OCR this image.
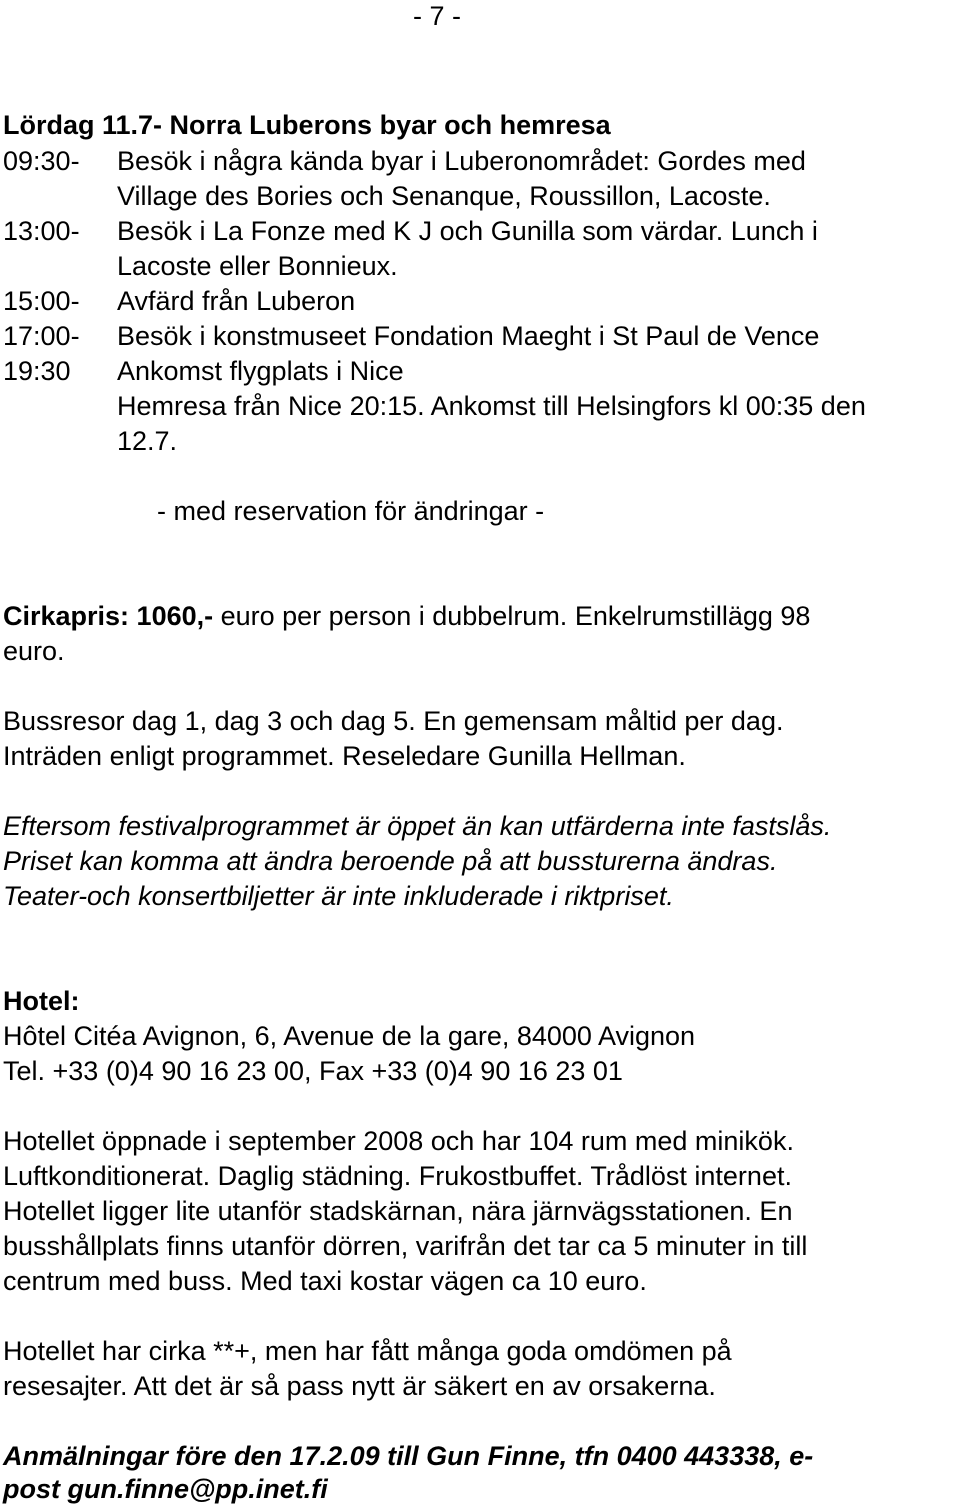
- 7 -
Lördag 11.7- Norra Luberons byar och hemresa
09:30- Besök i några kända byar i Luberonområdet: Gordes med
Village des Bories och Senanque, Roussillon, Lacoste.
13:00- Besök i La Fonze med K J och Gunilla som värdar. Lunch i
Lacoste eller Bonnieux.
15:00- Avfärd från Luberon
17:00- Besök i konstmuseet Fondation Maeght i St Paul de Vence
19:30 Ankomst flygplats i Nice
Hemresa från Nice 20:15. Ankomst till Helsingfors kl 00:35 den
12.7.
- med reservation för ändringar -
Cirkapris: 1060,- euro per person i dubbelrum. Enkelrumstillägg 98
euro.
Bussresor dag 1, dag 3 och dag 5. En gemensam måltid per dag.
Inträden enligt programmet. Reseledare Gunilla Hellman.
Eftersom festivalprogrammet är öppet än kan utfärderna inte fastslås.
Priset kan komma att ändra beroende på att bussturerna ändras.
Teater-och konsertbiljetter är inte inkluderade i riktpriset.
Hotel:
Hôtel Citéa Avignon, 6, Avenue de la gare, 84000 Avignon
Tel. +33 (0)4 90 16 23 00, Fax +33 (0)4 90 16 23 01
Hotellet öppnade i september 2008 och har 104 rum med minikök.
Luftkonditionerat. Daglig städning. Frukostbuffet. Trådlöst internet.
Hotellet ligger lite utanför stadskärnan, nära järnvägsstationen. En
busshållplats finns utanför dörren, varifrån det tar ca 5 minuter in till
centrum med buss. Med taxi kostar vägen ca 10 euro.
Hotellet har cirka **+, men har fått många goda omdömen på
resesajter. Att det är så pass nytt är säkert en av orsakerna.
Anmälningar före den 17.2.09 till Gun Finne, tfn 0400 443338, e-
post gun.finne@pp.inet.fi
